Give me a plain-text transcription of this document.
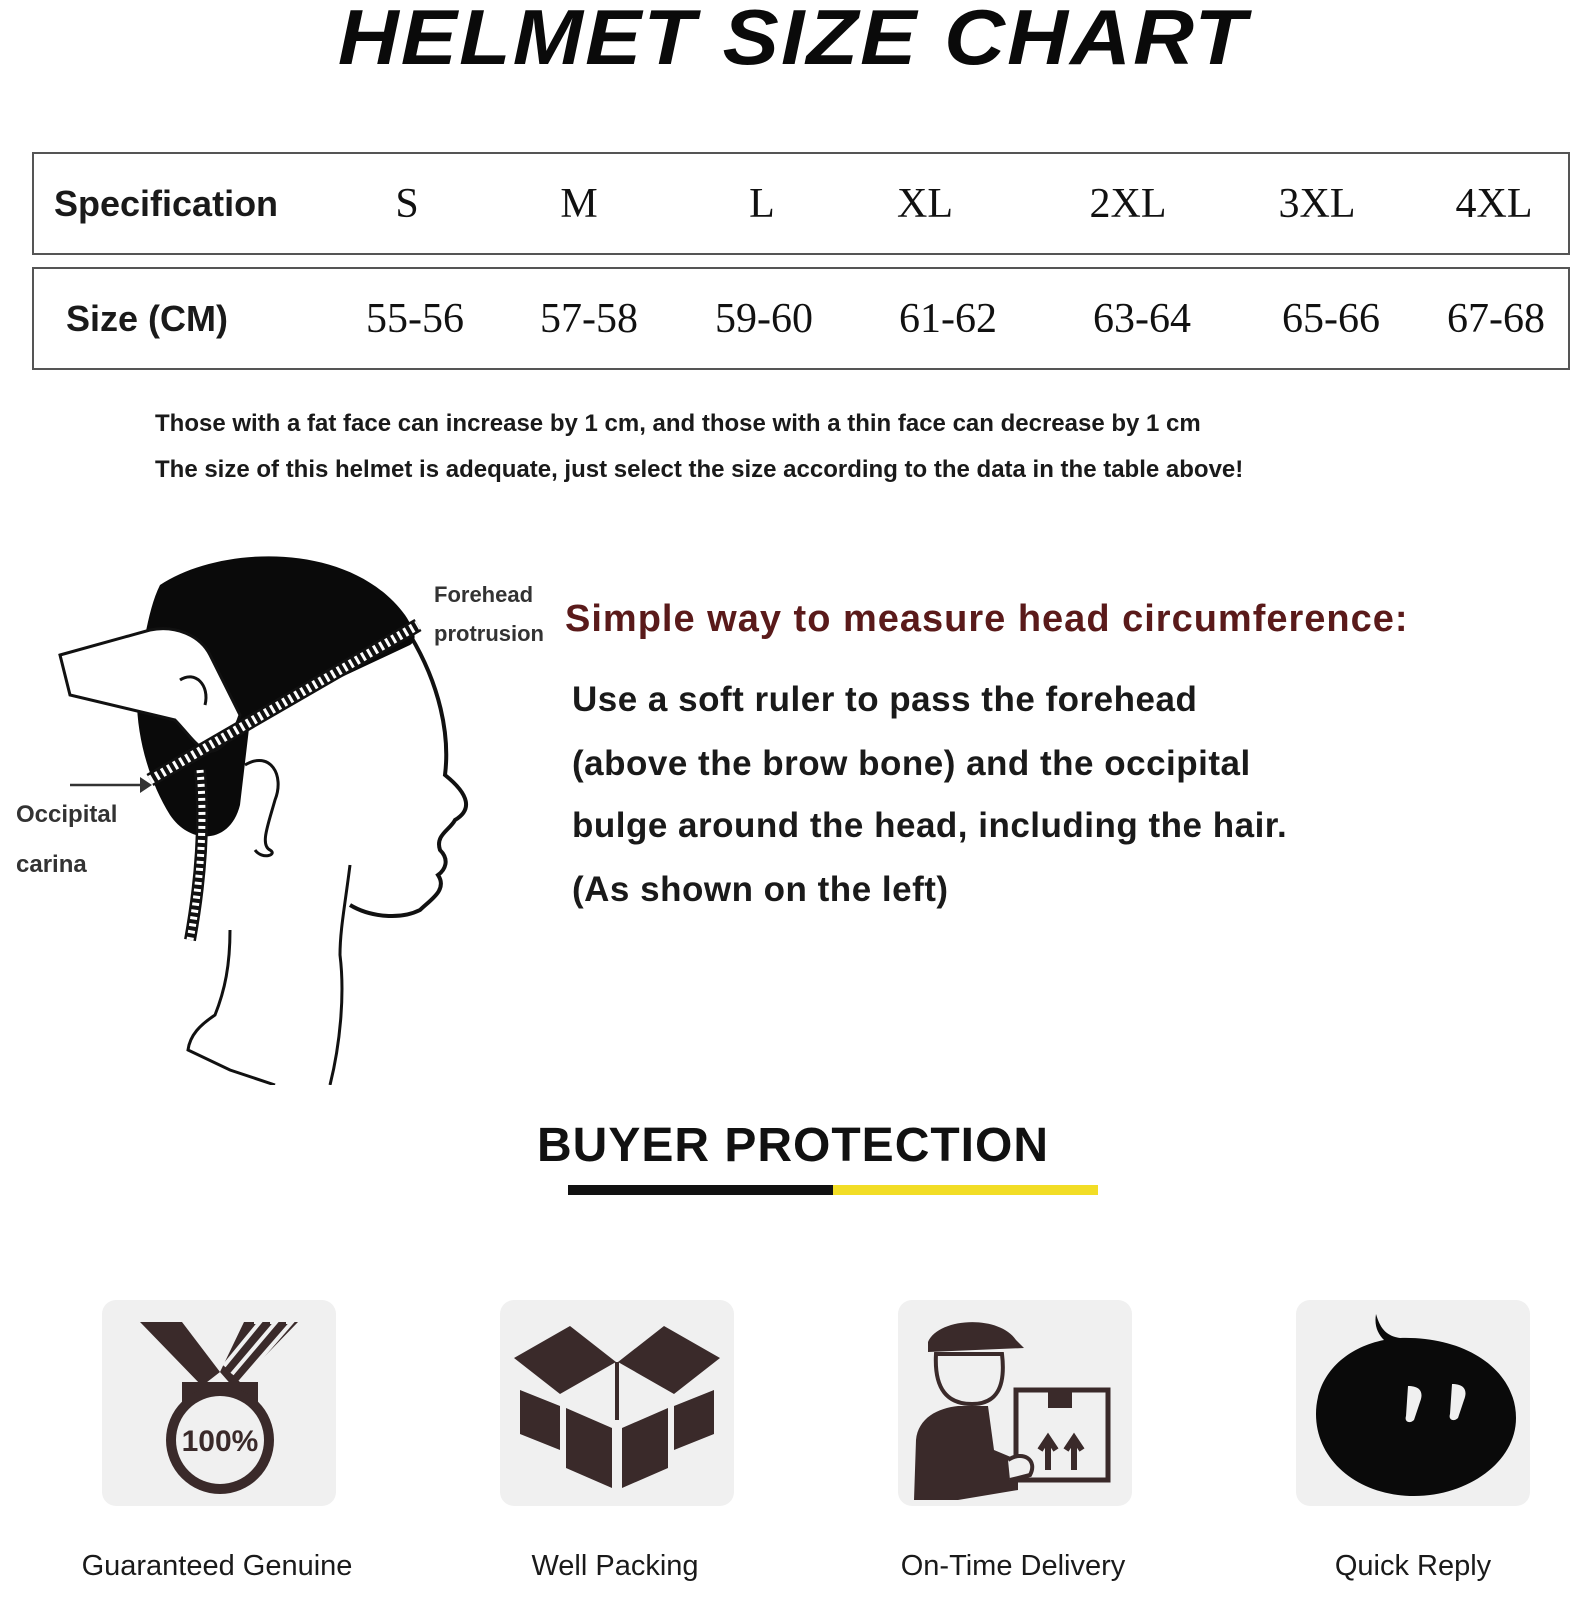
HELMET SIZE CHART
Specification	S	M	L	XL	2XL	3XL 4XL
Size (CM)	55-56 57-58 59-60 61-62 63-64 65-66 67-68
Those with a fat face can increase by 1 cm, and those with a thin face can decrease by 1 cm
The size of this helmet is adequate, just select the size according to the data in the table above!
Forehead
protrusion
Occipital
carina
Simple way to measure head circumference:
Use a soft ruler to pass the forehead
(above the brow bone) and the occipital
bulge around the head, including the hair.
(As shown on the left)
BUYER PROTECTION
100%
Guaranteed Genuine	Well Packing	On-Time Delivery	Quick Reply
